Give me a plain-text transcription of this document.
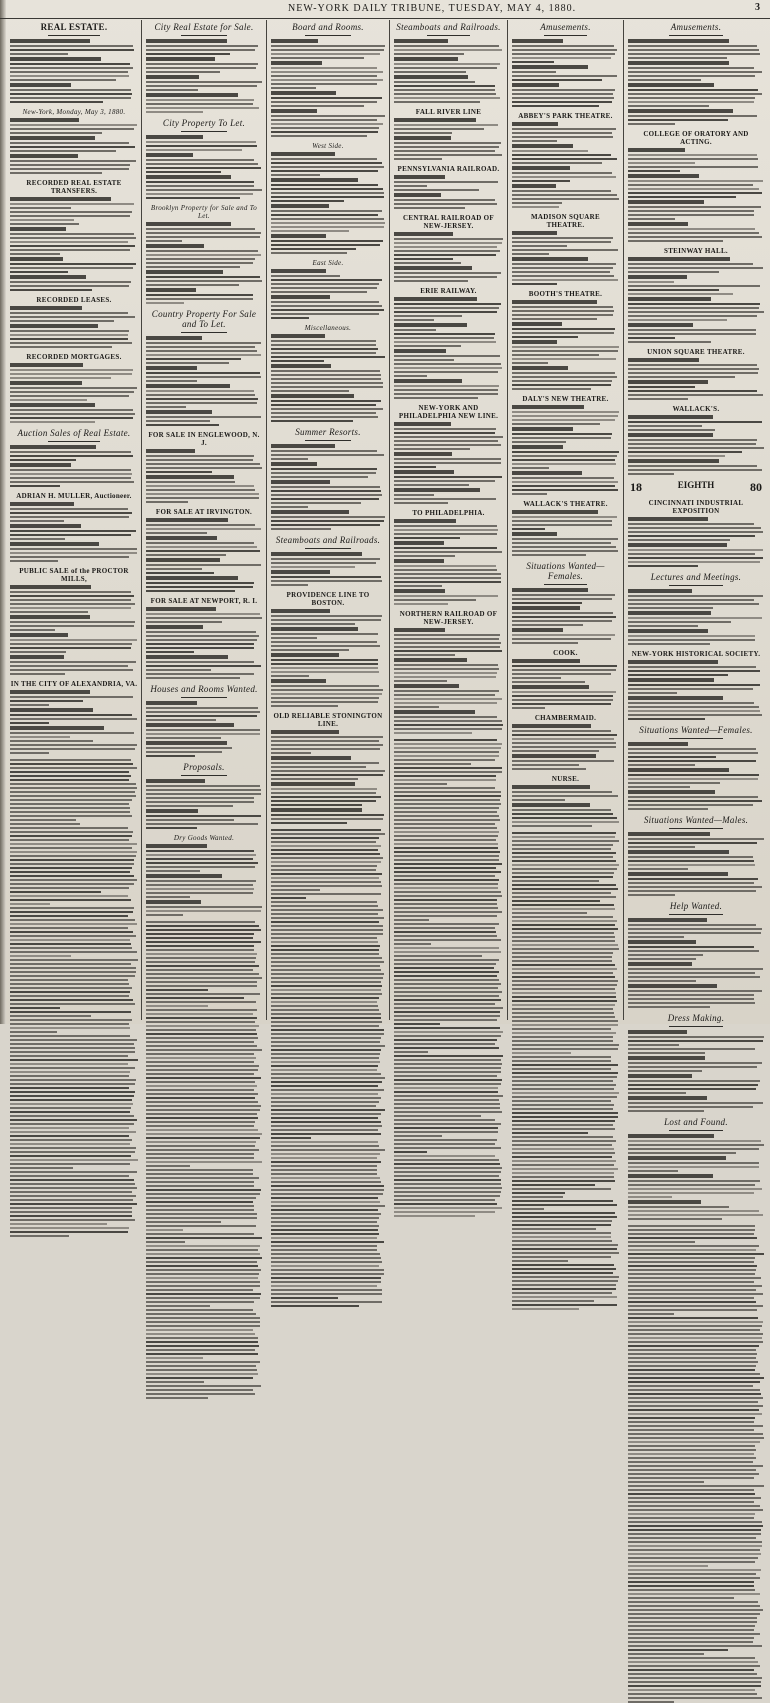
NEW-YORK DAILY TRIBUNE, TUESDAY, MAY 4, 1880.	3
REAL ESTATE.
New-York, Monday, May 3, 1880.
RECORDED REAL ESTATE TRANSFERS.
RECORDED LEASES.
RECORDED MORTGAGES.
Auction Sales of Real Estate.
ADRIAN H. MULLER, Auctioneer.
PUBLIC SALE of the PROCTOR MILLS,
IN THE CITY OF ALEXANDRIA, VA.
City Real Estate for Sale.
City Property To Let.
Brooklyn Property for Sale and To Let.
Country Property For Sale and To Let.
FOR SALE IN ENGLEWOOD, N. J.
FOR SALE AT IRVINGTON.
FOR SALE AT NEWPORT, R. I.
Houses and Rooms Wanted.
Proposals.
Dry Goods Wanted.
Board and Rooms.
West Side.
East Side.
Miscellaneous.
Summer Resorts.
Steamboats and Railroads.
PROVIDENCE LINE TO BOSTON.
OLD RELIABLE STONINGTON LINE.
Steamboats and Railroads.
FALL RIVER LINE
PENNSYLVANIA RAILROAD.
CENTRAL RAILROAD OF NEW-JERSEY.
ERIE RAILWAY.
NEW-YORK AND PHILADELPHIA NEW LINE.
TO PHILADELPHIA.
NORTHERN RAILROAD OF NEW-JERSEY.
Amusements.
ABBEY'S PARK THEATRE.
MADISON SQUARE THEATRE.
BOOTH'S THEATRE.
DALY'S NEW THEATRE.
WALLACK'S THEATRE.
Situations Wanted—Females.
COOK.
CHAMBERMAID.
NURSE.
Amusements.
COLLEGE OF ORATORY AND ACTING.
STEINWAY HALL.
UNION SQUARE THEATRE.
WALLACK'S.
18	EIGHTH	80
CINCINNATI INDUSTRIAL EXPOSITION
Lectures and Meetings.
NEW-YORK HISTORICAL SOCIETY.
Situations Wanted—Females.
Situations Wanted—Males.
Help Wanted.
Dress Making.
Lost and Found.
